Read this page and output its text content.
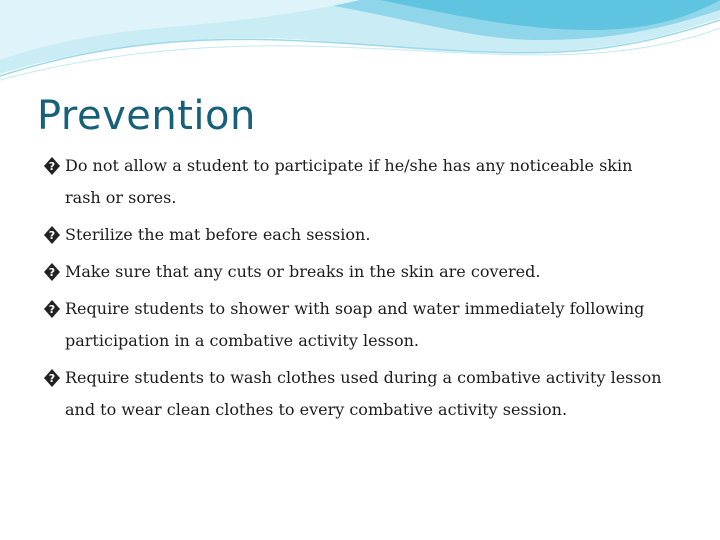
Prevention
? Do not allow a student to participate if he/she has any noticeable skin rash or sores.
? Sterilize the mat before each session.
? Make sure that any cuts or breaks in the skin are covered.
? Require students to shower with soap and water immediately following participation in a combative activity lesson.
? Require students to wash clothes used during a combative activity lesson and to wear clean clothes to every combative activity session.
